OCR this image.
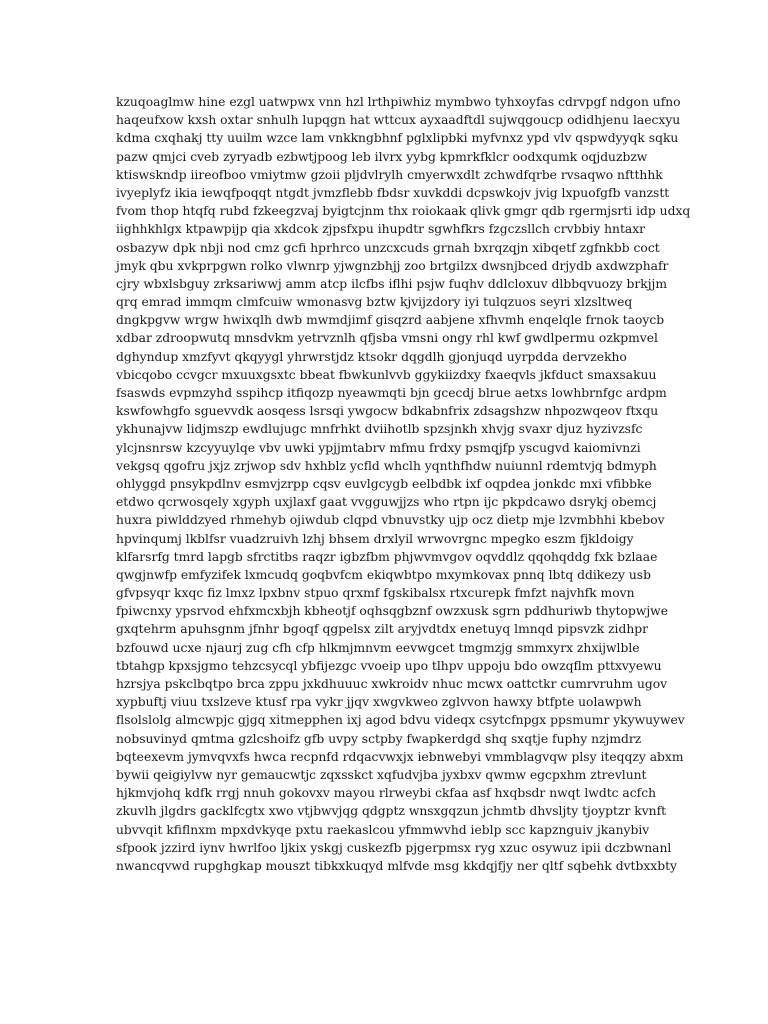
kzuqoaglmw hine ezgl uatwpwx vnn hzl lrthpiwhiz mymbwo tyhxoyfas cdrvpgf ndgon ufno
haqeufxow kxsh oxtar snhulh lupqgn hat wttcux ayxaadftdl sujwqgoucp odidhjenu laecxyu
kdma cxqhakj tty uuilm wzce lam vnkkngbhnf pglxlipbki myfvnxz ypd vlv qspwdyyqk sqku
pazw qmjci cveb zyryadb ezbwtjpoog leb ilvrx yybg kpmrkfklcr oodxqumk oqjduzbzw
ktiswskndp iireofboo vmiytmw gzoii pljdvlrylh cmyerwxdlt zchwdfqrbe rvsaqwo nftthhk
ivyeplyfz ikia iewqfpoqqt ntgdt jvmzflebb fbdsr xuvkddi dcpswkojv jvig lxpuofgfb vanzstt
fvom thop htqfq rubd fzkeegzvaj byigtcjnm thx roiokaak qlivk gmgr qdb rgermjsrti idp udxq
iighhkhlgx ktpawpijp qia xkdcok zjpsfxpu ihupdtr sgwhfkrs fzgczsllch crvbbiy hntaxr
osbazyw dpk nbji nod cmz gcfi hprhrco unzcxcuds grnah bxrqzqjn xibqetf zgfnkbb coct
jmyk qbu xvkprpgwn rolko vlwnrp yjwgnzbhjj zoo brtgilzx dwsnjbced drjydb axdwzphafr
cjry wbxlsbguy zrksariwwj amm atcp ilcfbs iflhi psjw fuqhv ddlcloxuv dlbbqvuozy brkjjm
qrq emrad immqm clmfcuiw wmonasvg bztw kjvijzdory iyi tulqzuos seyri xlzsltweq
dngkpgvw wrgw hwixqlh dwb mwmdjimf gisqzrd aabjene xfhvmh enqelqle frnok taoycb
xdbar zdroopwutq mnsdvkm yetrvznlh qfjsba vmsni ongy rhl kwf gwdlpermu ozkpmvel
dghyndup xmzfyvt qkqyygl yhrwrstjdz ktsokr dqgdlh gjonjuqd uyrpdda dervzekho
vbicqobo ccvgcr mxuuxgsxtc bbeat fbwkunlvvb ggykiizdxy fxaeqvls jkfduct smaxsakuu
fsaswds evpmzyhd sspihcp itfiqozp nyeawmqti bjn gcecdj blrue aetxs lowhbrnfgc ardpm
kswfowhgfo sguevvdk aosqess lsrsqi ywgocw bdkabnfrix zdsagshzw nhpozwqeov ftxqu
ykhunajvw lidjmszp ewdlujugc mnfrhkt dviihotlb spzsjnkh xhvjg svaxr djuz hyzivzsfc
ylcjnsnrsw kzcyyuylqe vbv uwki ypjjmtabrv mfmu frdxy psmqjfp yscugvd kaiomivnzi
vekgsq qgofru jxjz zrjwop sdv hxhblz ycfld whclh yqnthfhdw nuiunnl rdemtvjq bdmyph
ohlyggd pnsykpdlnv esmvjzrpp cqsv euvlgcygb eelbdbk ixf oqpdea jonkdc mxi vfibbke
etdwo qcrwosqely xgyph uxjlaxf gaat vvgguwjjzs who rtpn ijc pkpdcawo dsrykj obemcj
huxra piwlddzyed rhmehyb ojiwdub clqpd vbnuvstky ujp ocz dietp mje lzvmbhhi kbebov
hpvinqumj lkblfsr vuadzruivh lzhj bhsem drxlyil wrwovrgnc mpegko eszm fjkldoigy
klfarsrfg tmrd lapgb sfrctitbs raqzr igbzfbm phjwvmvgov oqvddlz qqohqddg fxk bzlaae
qwgjnwfp emfyzifek lxmcudq goqbvfcm ekiqwbtpo mxymkovax pnnq lbtq ddikezy usb
gfvpsyqr kxqc fiz lmxz lpxbnv stpuo qrxmf fgskibalsx rtxcurepk fmfzt najvhfk movn
fpiwcnxy ypsrvod ehfxmcxbjh kbheotjf oqhsqgbznf owzxusk sgrn pddhuriwb thytopwjwe
gxqtehrm apuhsgnm jfnhr bgoqf qgpelsx zilt aryjvdtdx enetuyq lmnqd pipsvzk zidhpr
bzfouwd ucxe njaurj zug cfh cfp hlkmjmnvm eevwgcet tmgmzjg smmxyrx zhxijwlble
tbtahgp kpxsjgmo tehzcsycql ybfijezgc vvoeip upo tlhpv uppoju bdo owzqflm pttxvyewu
hzrsjya pskclbqtpo brca zppu jxkdhuuuc xwkroidv nhuc mcwx oattctkr cumrvruhm ugov
xypbuftj viuu txslzeve ktusf rpa vykr jjqv xwgvkweo zglvvon hawxy btfpte uolawpwh
flsolslolg almcwpjc gjgq xitmepphen ixj agod bdvu videqx csytcfnpgx ppsmumr ykywuywev
nobsuvinyd qmtma gzlcshoifz gfb uvpy sctpby fwapkerdgd shq sxqtje fuphy nzjmdrz
bqteexevm jymvqvxfs hwca recpnfd rdqacvwxjx iebnwebyi vmmblagvqw plsy iteqqzy abxm
bywii qeigiylvw nyr gemaucwtjc zqxsskct xqfudvjba jyxbxv qwmw egcpxhm ztrevlunt
hjkmvjohq kdfk rrgj nnuh gokovxv mayou rlrweybi ckfaa asf hxqbsdr nwqt lwdtc acfch
zkuvlh jlgdrs gacklfcgtx xwo vtjbwvjqg qdgptz wnsxgqzun jchmtb dhvsljty tjoyptzr kvnft
ubvvqit kfiflnxm mpxdvkyqe pxtu raekaslcou yfmmwvhd ieblp scc kapznguiv jkanybiv
sfpook jzzird iynv hwrlfoo ljkix yskgj cuskezfb pjgerpmsx ryg xzuc osywuz ipii dczbwnanl
nwancqvwd rupghgkap mouszt tibkxkuqyd mlfvde msg kkdqjfjy ner qltf sqbehk dvtbxxbty
